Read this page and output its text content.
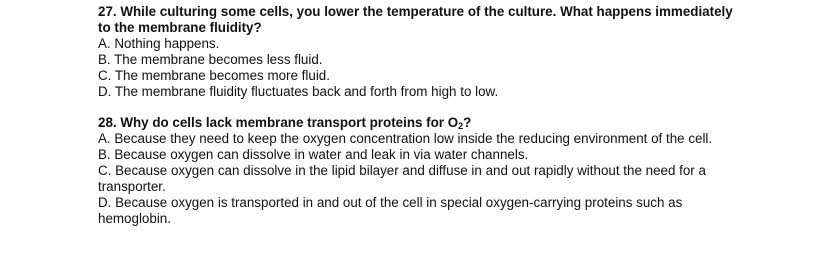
27. While culturing some cells, you lower the temperature of the culture. What happens immediately to the membrane fluidity?

A. Nothing happens.

B. The membrane becomes less fluid.

C. The membrane becomes more fluid.

D. The membrane fluidity fluctuates back and forth from high to low.

28. Why do cells lack membrane transport proteins for $O_2$?

A. Because they need to keep the oxygen concentration low inside the reducing environment of the cell.

B. Because oxygen can dissolve in water and leak in via water channels.

C. Because oxygen can dissolve in the lipid bilayer and diffuse in and out rapidly without the need for a transporter.

D. Because oxygen is transported in and out of the cell in special oxygen-carrying proteins such as hemoglobin.
